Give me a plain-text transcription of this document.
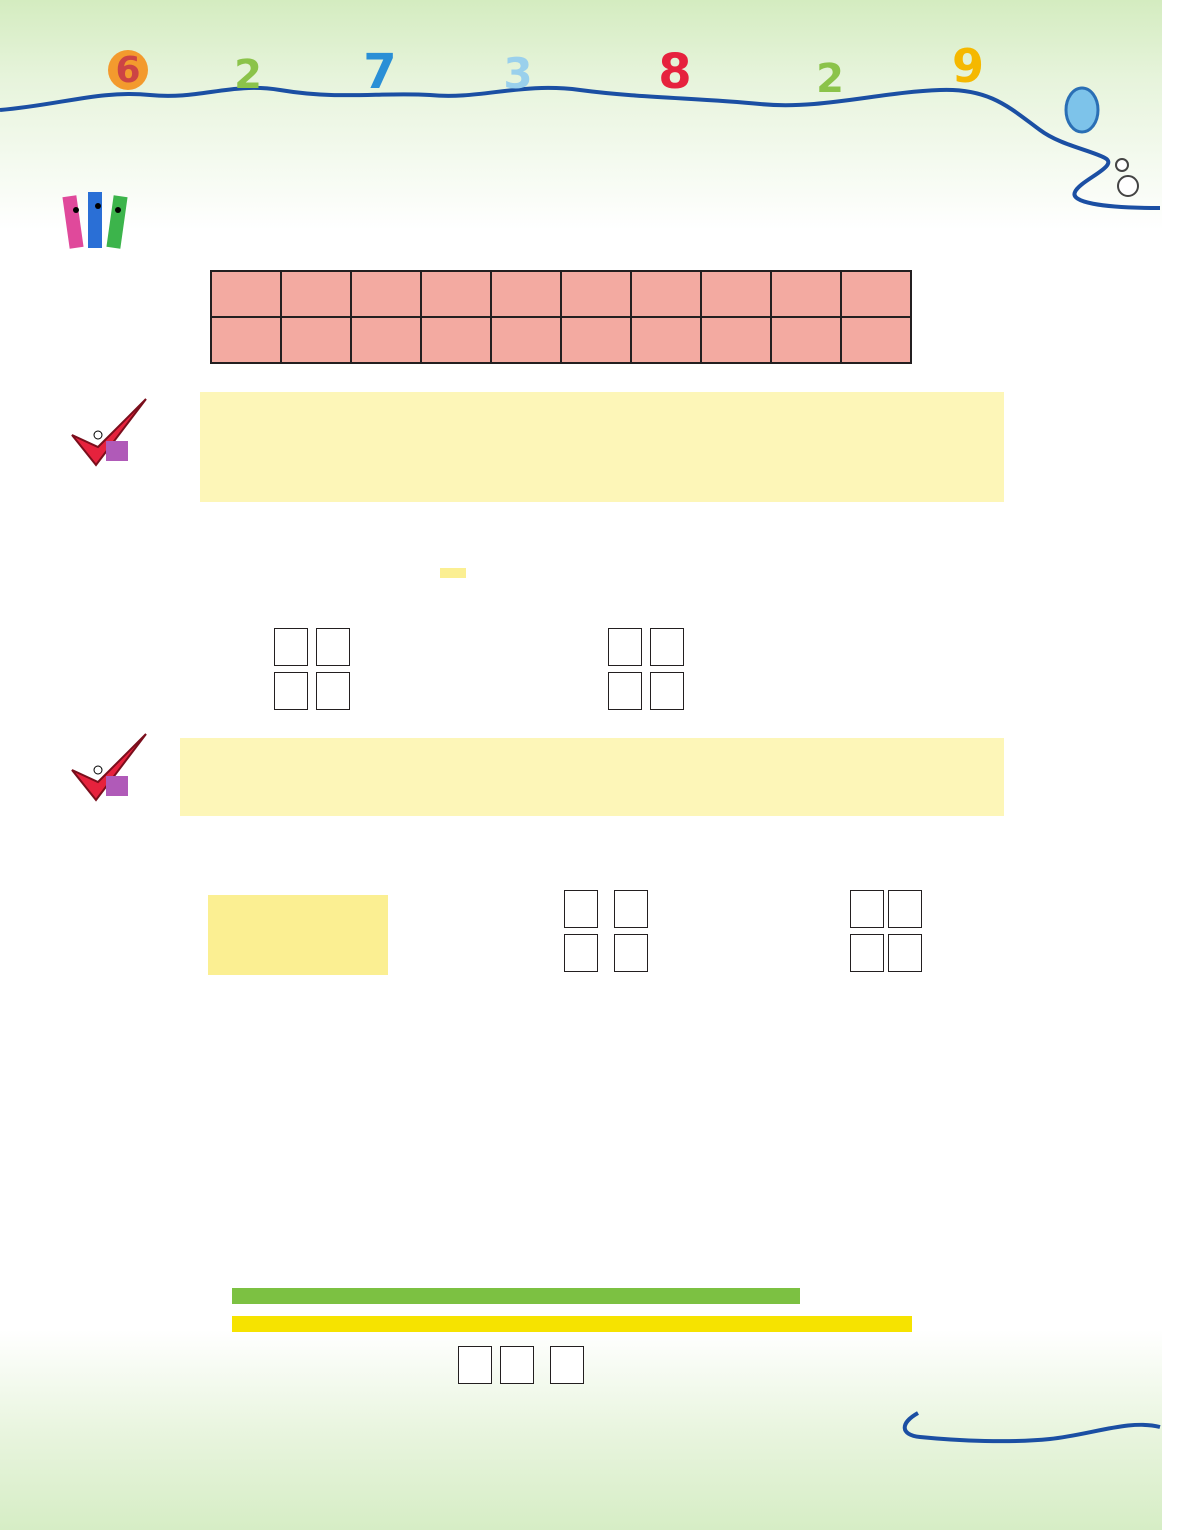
6 2 7	3	8	2 9
